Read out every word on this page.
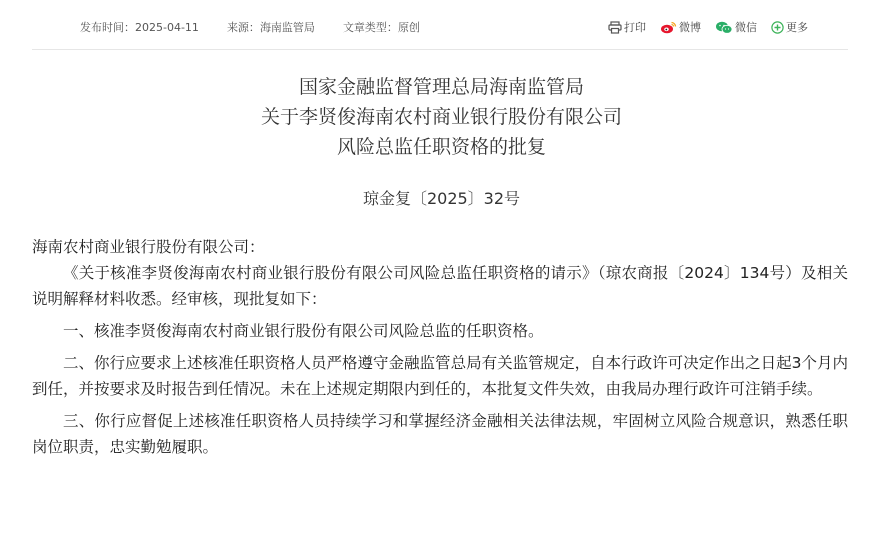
发布时间：2025-04-11	来源：海南监管局	文章类型：原创	打印	微博	微信	更多
国家金融监督管理总局海南监管局
关于李贤俊海南农村商业银行股份有限公司
风险总监任职资格的批复
琼金复〔2025〕32号

海南农村商业银行股份有限公司：

《关于核准李贤俊海南农村商业银行股份有限公司风险总监任职资格的请示》（琼农商报〔2024〕134号）及相关说明解释材料收悉。经审核，现批复如下：

一、核准李贤俊海南农村商业银行股份有限公司风险总监的任职资格。

二、你行应要求上述核准任职资格人员严格遵守金融监管总局有关监管规定，自本行政许可决定作出之日起3个月内到任，并按要求及时报告到任情况。未在上述规定期限内到任的，本批复文件失效，由我局办理行政许可注销手续。

三、你行应督促上述核准任职资格人员持续学习和掌握经济金融相关法律法规，牢固树立风险合规意识，熟悉任职岗位职责，忠实勤勉履职。
